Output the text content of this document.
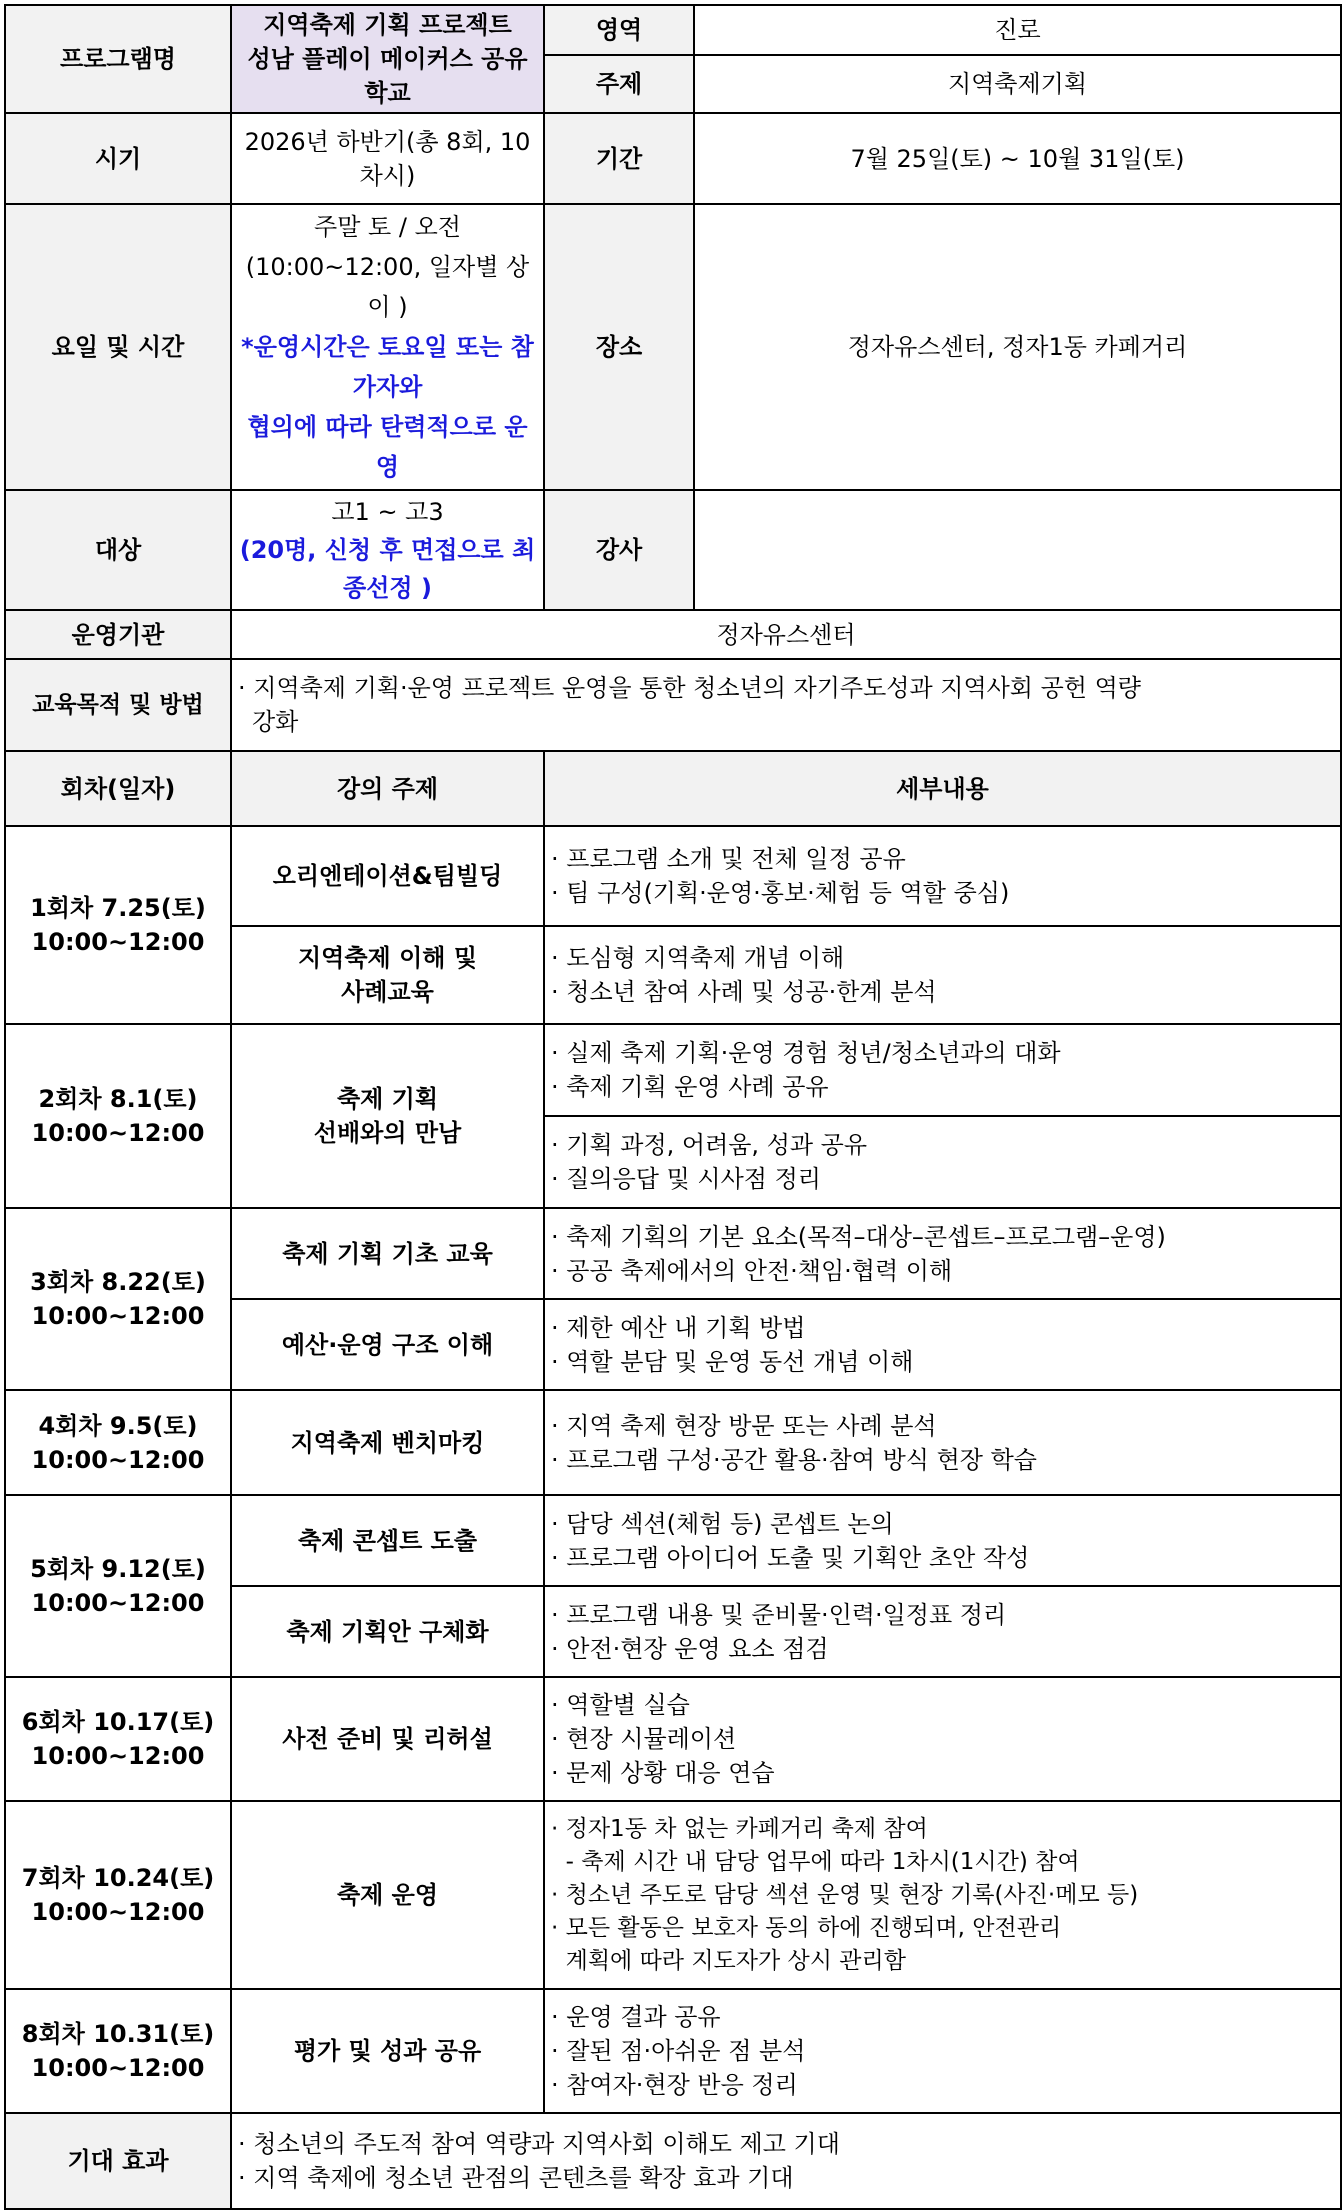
프로그램명	지역축제 기획 프로젝트
성남 플레이 메이커스 공유학교	영역	진로
		주제	지역축제기획
시기	2026년 하반기(총 8회, 10차시)	기간	7월 25일(토) ~ 10월 31일(토)
요일 및 시간	주말 토 / 오전
(10:00~12:00, 일자별 상이 )
*운영시간은 토요일 또는 참가자와
협의에 따라 탄력적으로 운영	장소	정자유스센터, 정자1동 카페거리
대상	고1 ~ 고3
(20명, 신청 후 면접으로 최종선정 )	강사	
운영기관	정자유스센터		
교육목적 및 방법	· 지역축제 기획·운영 프로젝트 운영을 통한 청소년의 자기주도성과 지역사회 공헌 역량
강화		

회차(일자)	강의 주제	세부내용	

1회차 7.25(토)
10:00~12:00	오리엔테이션&팀빌딩	· 프로그램 소개 및 전체 일정 공유
· 팀 구성(기획·운영·홍보·체험 등 역할 중심)	

	지역축제 이해 및
사례교육	· 도심형 지역축제 개념 이해
· 청소년 참여 사례 및 성공·한계 분석	

2회차 8.1(토)
10:00~12:00	축제 기획
선배와의 만남	· 실제 축제 기획·운영 경험 청년/청소년과의 대화
· 축제 기획 운영 사례 공유	

		· 기획 과정, 어려움, 성과 공유
· 질의응답 및 시사점 정리	

3회차 8.22(토)
10:00~12:00	축제 기획 기초 교육	· 축제 기획의 기본 요소(목적–대상–콘셉트–프로그램–운영)
· 공공 축제에서의 안전·책임·협력 이해	

	예산·운영 구조 이해	· 제한 예산 내 기획 방법
· 역할 분담 및 운영 동선 개념 이해	

4회차 9.5(토)
10:00~12:00	지역축제 벤치마킹	· 지역 축제 현장 방문 또는 사례 분석
· 프로그램 구성·공간 활용·참여 방식 현장 학습	

5회차 9.12(토)
10:00~12:00	축제 콘셉트 도출	· 담당 섹션(체험 등) 콘셉트 논의
· 프로그램 아이디어 도출 및 기획안 초안 작성	

	축제 기획안 구체화	· 프로그램 내용 및 준비물·인력·일정표 정리
· 안전·현장 운영 요소 점검	

6회차 10.17(토)
10:00~12:00	사전 준비 및 리허설	· 역할별 실습
· 현장 시뮬레이션
· 문제 상황 대응 연습	

7회차 10.24(토)
10:00~12:00	축제 운영	· 정자1동 차 없는 카페거리 축제 참여
- 축제 시간 내 담당 업무에 따라 1차시(1시간) 참여
· 청소년 주도로 담당 섹션 운영 및 현장 기록(사진·메모 등)
· 모든 활동은 보호자 동의 하에 진행되며, 안전관리
계획에 따라 지도자가 상시 관리함	

8회차 10.31(토)
10:00~12:00	평가 및 성과 공유	· 운영 결과 공유
· 잘된 점·아쉬운 점 분석
· 참여자·현장 반응 정리	

기대 효과	· 청소년의 주도적 참여 역량과 지역사회 이해도 제고 기대
· 지역 축제에 청소년 관점의 콘텐츠를 확장 효과 기대		
